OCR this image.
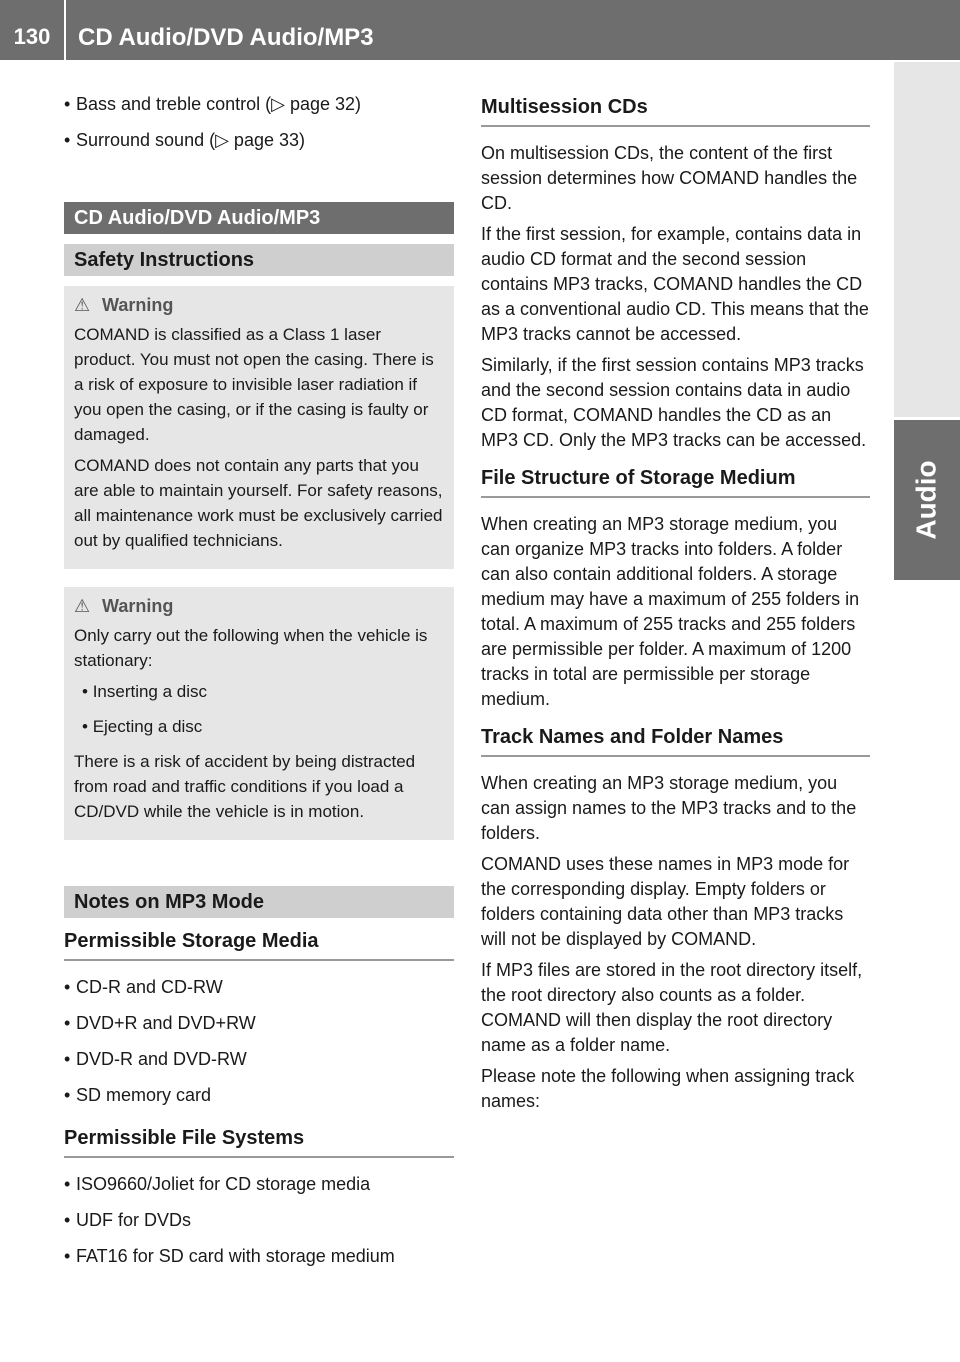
130	CD Audio/DVD Audio/MP3
Audio
• Bass and treble control (▷ page 32)
• Surround sound (▷ page 33)
CD Audio/DVD Audio/MP3
Safety Instructions
⚠ Warning
COMAND is classified as a Class 1 laser product. You must not open the casing. There is a risk of exposure to invisible laser radiation if you open the casing, or if the casing is faulty or damaged.
COMAND does not contain any parts that you are able to maintain yourself. For safety reasons, all maintenance work must be exclusively carried out by qualified technicians.
⚠ Warning
Only carry out the following when the vehicle is stationary:
• Inserting a disc
• Ejecting a disc
There is a risk of accident by being distracted from road and traffic conditions if you load a CD/DVD while the vehicle is in motion.
Notes on MP3 Mode
Permissible Storage Media
• CD-R and CD-RW
• DVD+R and DVD+RW
• DVD-R and DVD-RW
• SD memory card
Permissible File Systems
• ISO9660/Joliet for CD storage media
• UDF for DVDs
• FAT16 for SD card with storage medium
Multisession CDs
On multisession CDs, the content of the first session determines how COMAND handles the CD.
If the first session, for example, contains data in audio CD format and the second session contains MP3 tracks, COMAND handles the CD as a conventional audio CD. This means that the MP3 tracks cannot be accessed.
Similarly, if the first session contains MP3 tracks and the second session contains data in audio CD format, COMAND handles the CD as an MP3 CD. Only the MP3 tracks can be accessed.
File Structure of Storage Medium
When creating an MP3 storage medium, you can organize MP3 tracks into folders. A folder can also contain additional folders. A storage medium may have a maximum of 255 folders in total. A maximum of 255 tracks and 255 folders are permissible per folder. A maximum of 1200 tracks in total are permissible per storage medium.
Track Names and Folder Names
When creating an MP3 storage medium, you can assign names to the MP3 tracks and to the folders.
COMAND uses these names in MP3 mode for the corresponding display. Empty folders or folders containing data other than MP3 tracks will not be displayed by COMAND.
If MP3 files are stored in the root directory itself, the root directory also counts as a folder. COMAND will then display the root directory name as a folder name.
Please note the following when assigning track names:
